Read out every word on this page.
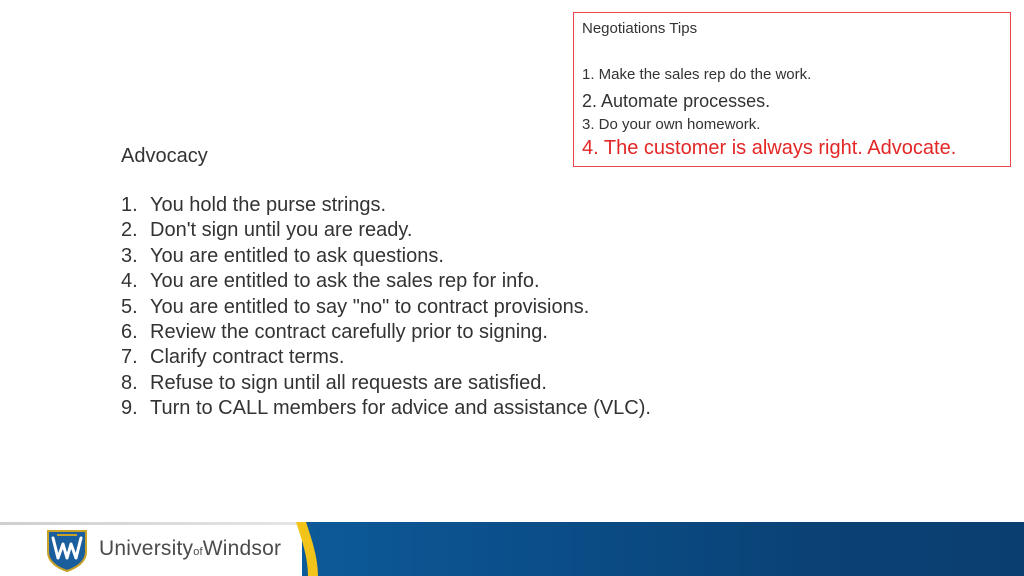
Negotiations Tips

1. Make the sales rep do the work.
2. Automate processes.
3. Do your own homework.
4. The customer is always right. Advocate.

Advocacy

1. You hold the purse strings.
2. Don't sign until you are ready.
3. You are entitled to ask questions.
4. You are entitled to ask the sales rep for info.
5. You are entitled to say "no" to contract provisions.
6. Review the contract carefully prior to signing.
7. Clarify contract terms.
8. Refuse to sign until all requests are satisfied.
9. Turn to CALL members for advice and assistance (VLC).
UniversityofWindsor
